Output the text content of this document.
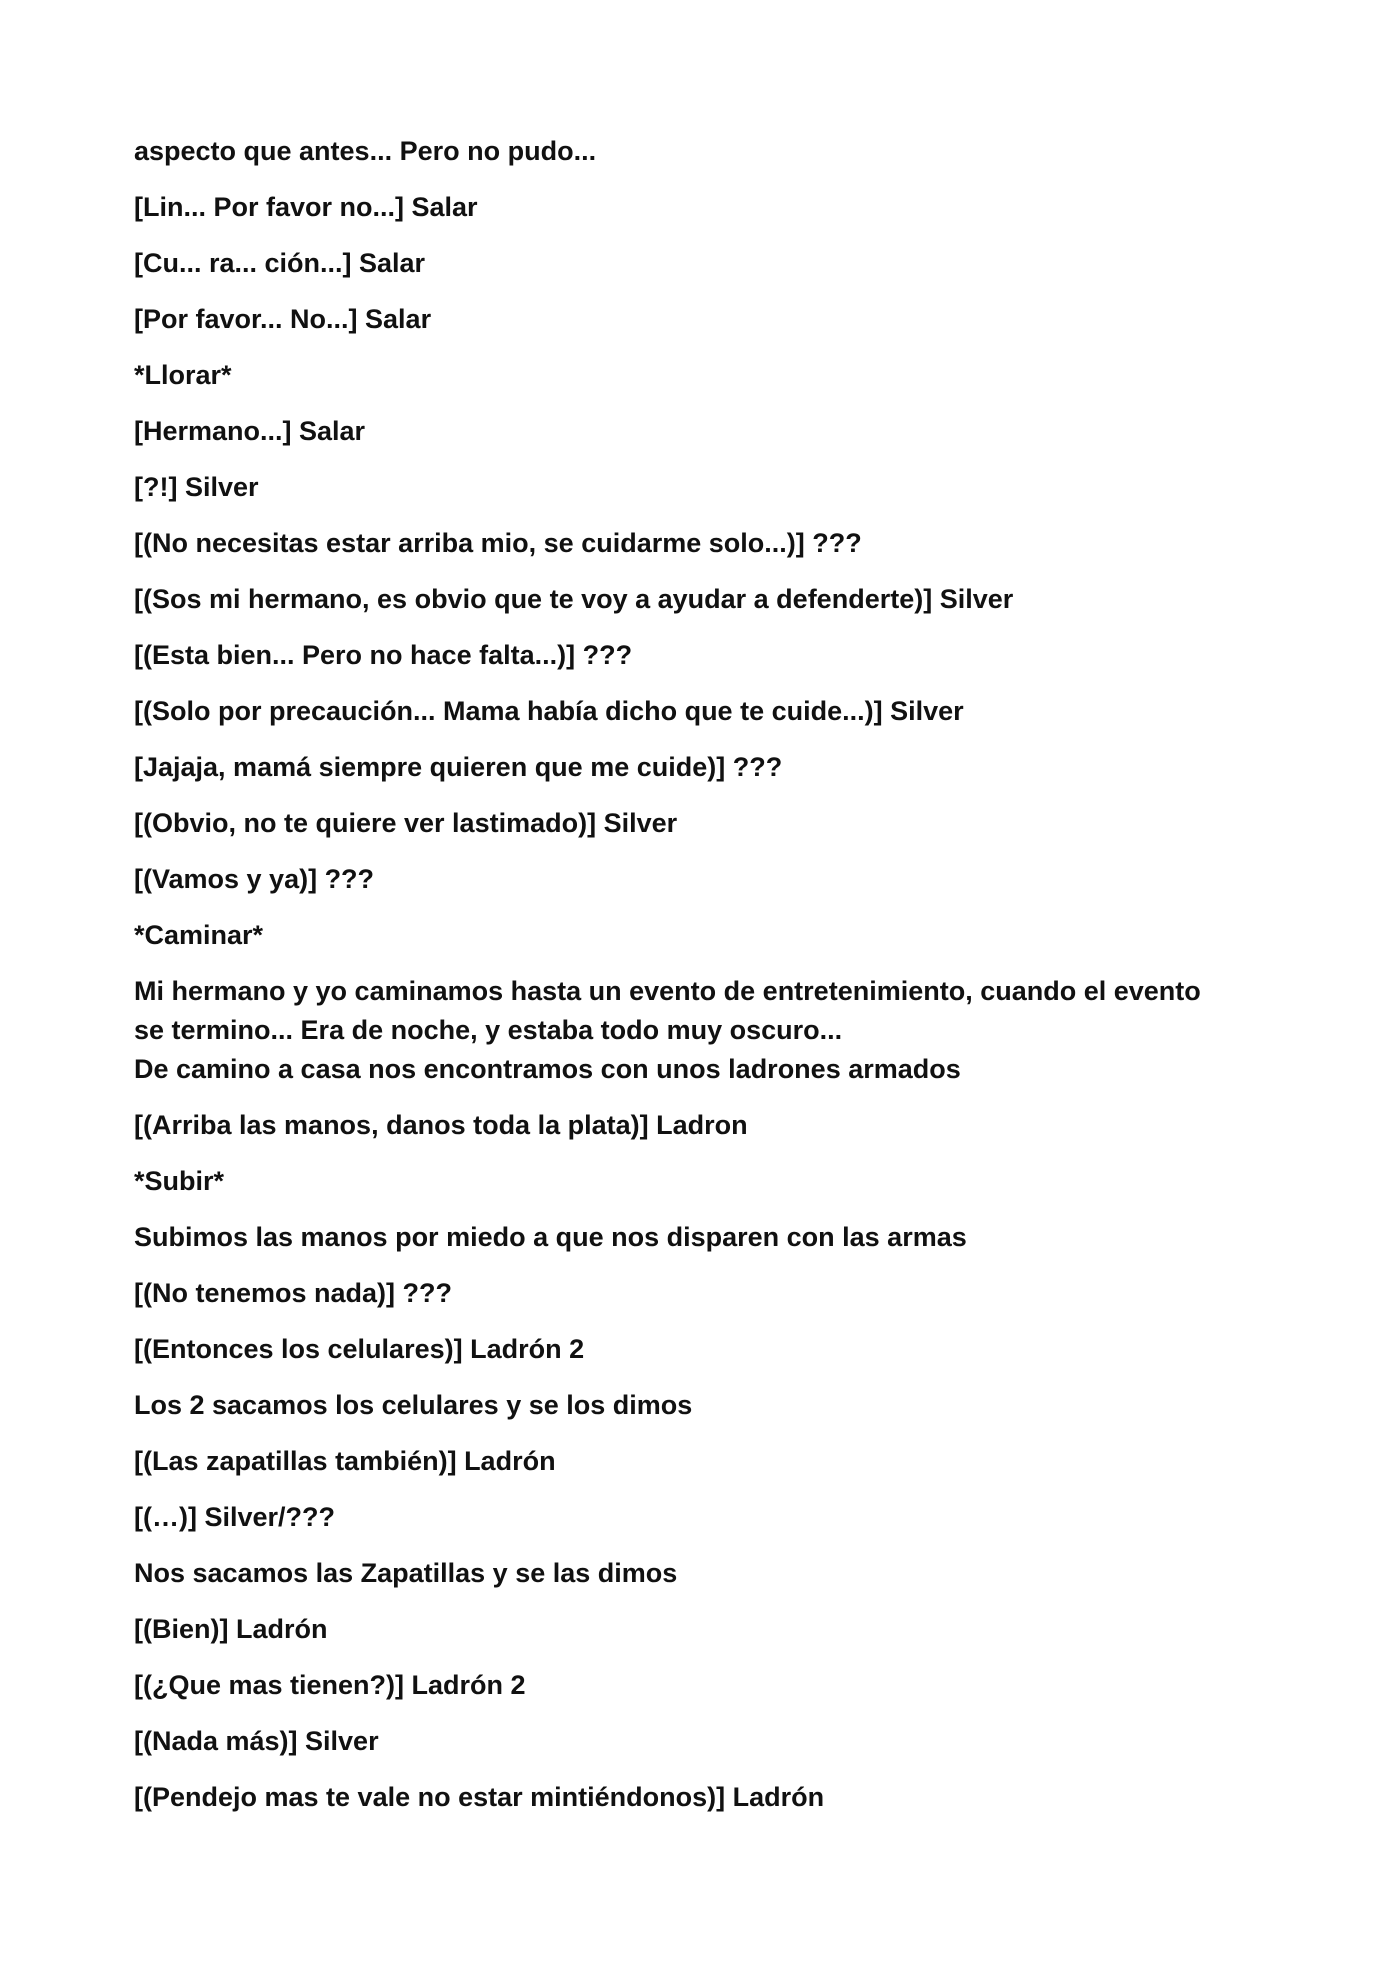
aspecto que antes... Pero no pudo...

[Lin... Por favor no...] Salar

[Cu... ra... ción...] Salar

[Por favor... No...] Salar

*Llorar*

[Hermano...] Salar

[?!] Silver

[(No necesitas estar arriba mio, se cuidarme solo...)] ???

[(Sos mi hermano, es obvio que te voy a ayudar a defenderte)] Silver

[(Esta bien... Pero no hace falta...)] ???

[(Solo por precaución... Mama había dicho que te cuide...)] Silver

[Jajaja, mamá siempre quieren que me cuide)] ???

[(Obvio, no te quiere ver lastimado)] Silver

[(Vamos y ya)] ???

*Caminar*

Mi hermano y yo caminamos hasta un evento de entretenimiento, cuando el evento
se termino... Era de noche, y estaba todo muy oscuro...
De camino a casa nos encontramos con unos ladrones armados

[(Arriba las manos, danos toda la plata)] Ladron

*Subir*

Subimos las manos por miedo a que nos disparen con las armas

[(No tenemos nada)] ???

[(Entonces los celulares)] Ladrón 2

Los 2 sacamos los celulares y se los dimos

[(Las zapatillas también)] Ladrón

[(…)] Silver/???

Nos sacamos las Zapatillas y se las dimos

[(Bien)] Ladrón

[(¿Que mas tienen?)] Ladrón 2

[(Nada más)] Silver

[(Pendejo mas te vale no estar mintiéndonos)] Ladrón
